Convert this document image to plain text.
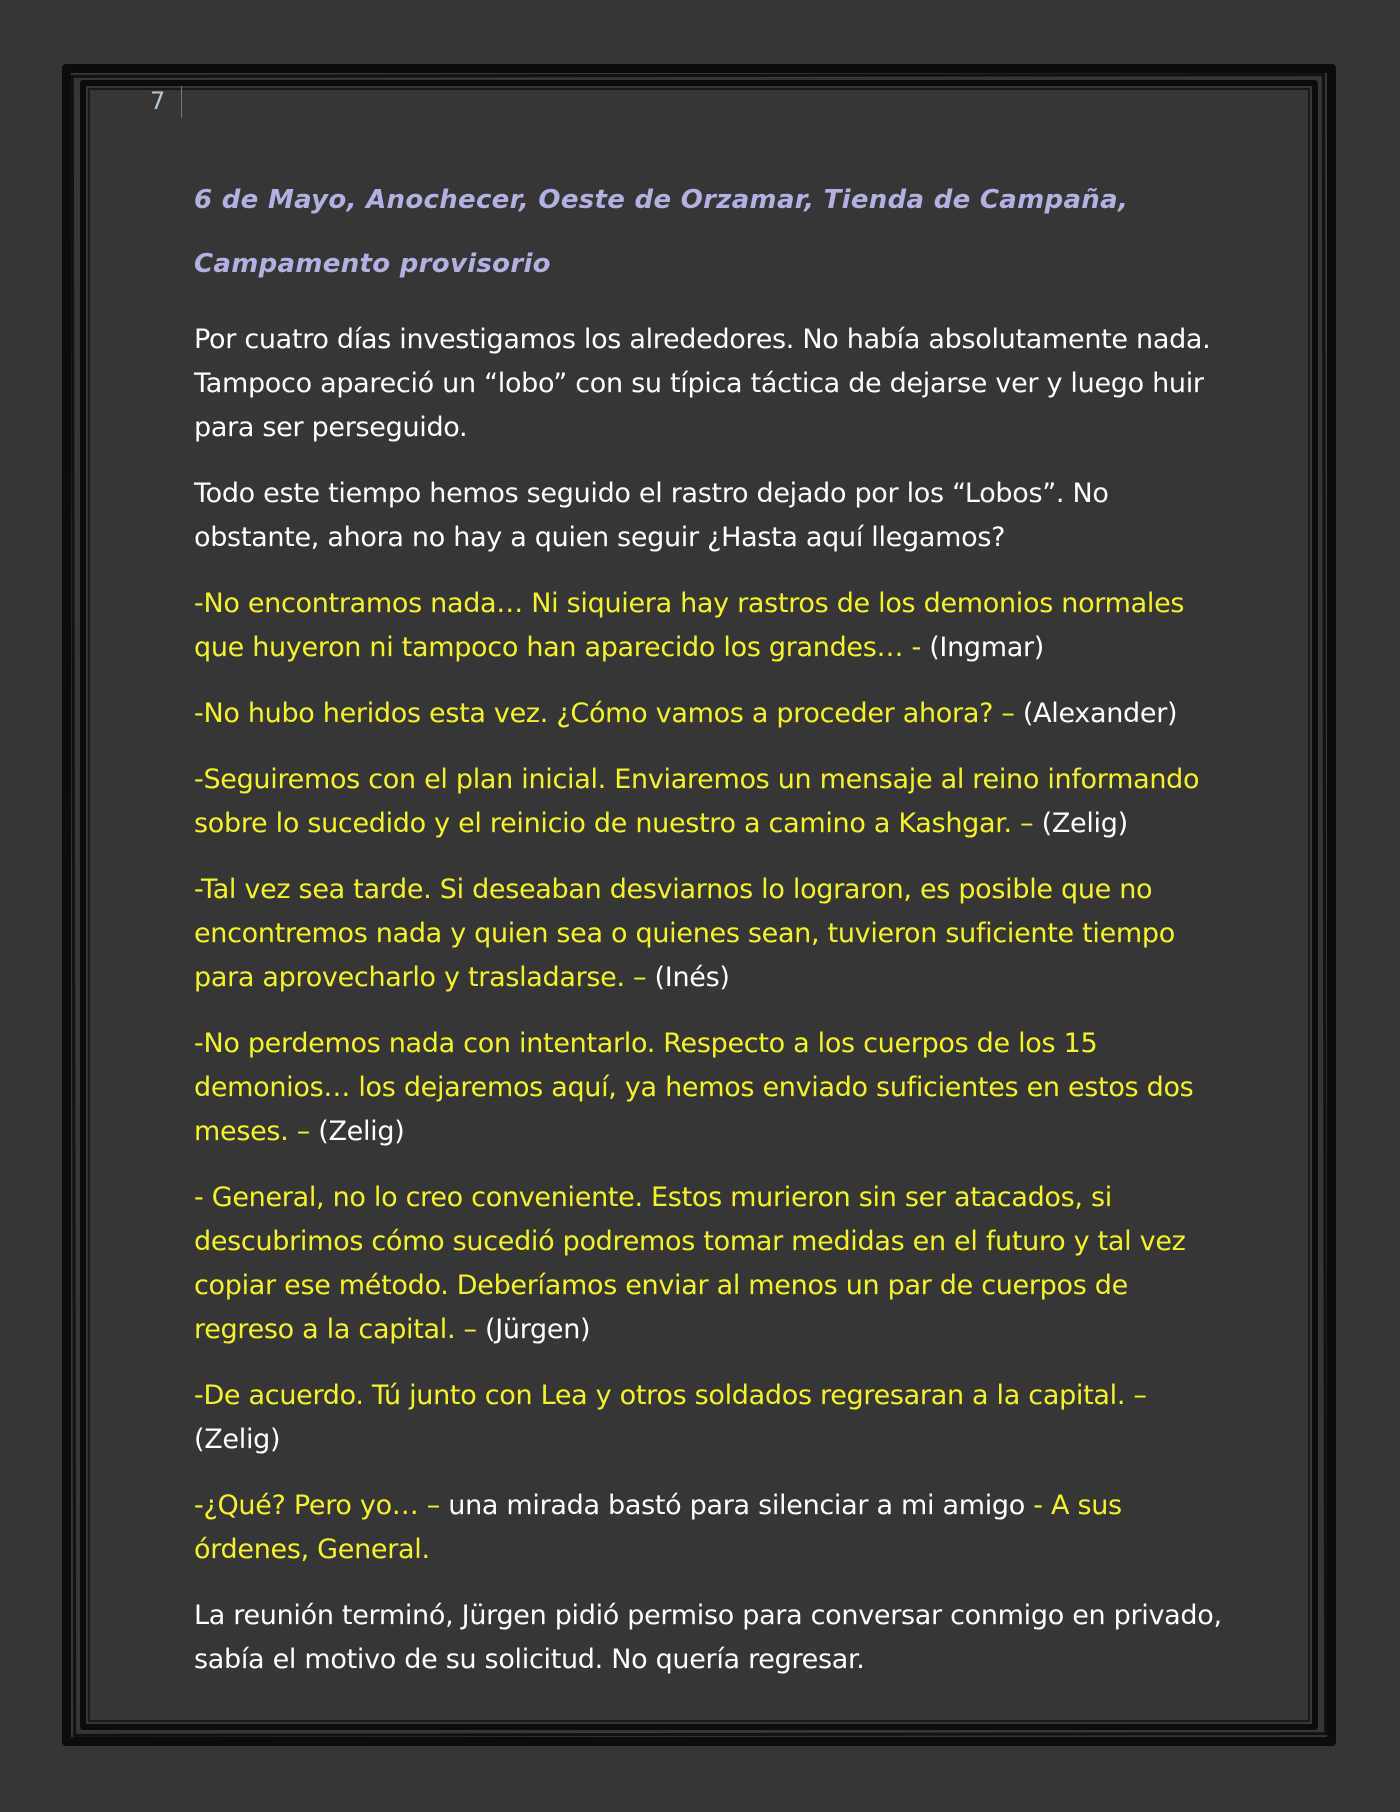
7
6 de Mayo, Anochecer, Oeste de Orzamar, Tienda de Campaña,
Campamento provisorio

Por cuatro días investigamos los alrededores. No había absolutamente nada. Tampoco apareció un “lobo” con su típica táctica de dejarse ver y luego huir para ser perseguido.

Todo este tiempo hemos seguido el rastro dejado por los “Lobos”. No obstante, ahora no hay a quien seguir ¿Hasta aquí llegamos?

-No encontramos nada… Ni siquiera hay rastros de los demonios normales que huyeron ni tampoco han aparecido los grandes… - (Ingmar)

-No hubo heridos esta vez. ¿Cómo vamos a proceder ahora? – (Alexander)

-Seguiremos con el plan inicial. Enviaremos un mensaje al reino informando sobre lo sucedido y el reinicio de nuestro a camino a Kashgar. – (Zelig)

-Tal vez sea tarde. Si deseaban desviarnos lo lograron, es posible que no encontremos nada y quien sea o quienes sean, tuvieron suficiente tiempo para aprovecharlo y trasladarse. – (Inés)

-No perdemos nada con intentarlo. Respecto a los cuerpos de los 15 demonios… los dejaremos aquí, ya hemos enviado suficientes en estos dos meses. – (Zelig)

- General, no lo creo conveniente. Estos murieron sin ser atacados, si descubrimos cómo sucedió podremos tomar medidas en el futuro y tal vez copiar ese método. Deberíamos enviar al menos un par de cuerpos de regreso a la capital. – (Jürgen)

-De acuerdo. Tú junto con Lea y otros soldados regresaran a la capital. – (Zelig)

-¿Qué? Pero yo… – una mirada bastó para silenciar a mi amigo - A sus órdenes, General.

La reunión terminó, Jürgen pidió permiso para conversar conmigo en privado, sabía el motivo de su solicitud. No quería regresar.
